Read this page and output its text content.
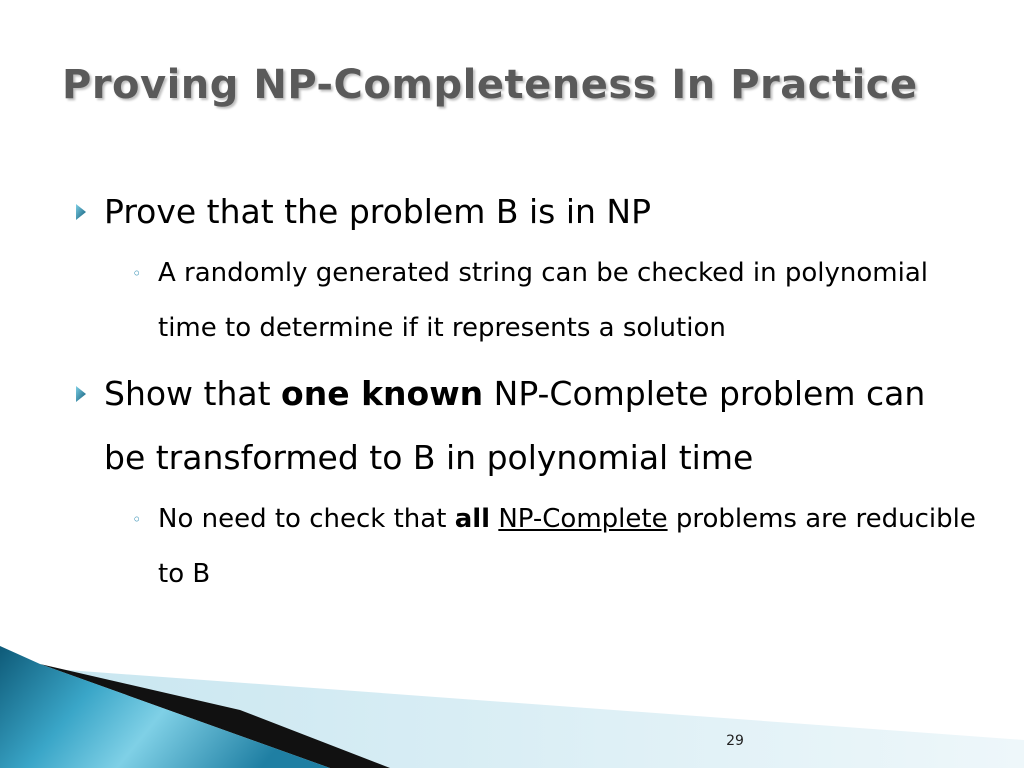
Proving NP-Completeness In Practice
Prove that the problem B is in NP
◦ A randomly generated string can be checked in polynomial time to determine if it represents a solution
Show that one known NP-Complete problem can be transformed to B in polynomial time
◦ No need to check that all NP-Complete problems are reducible to B
29
